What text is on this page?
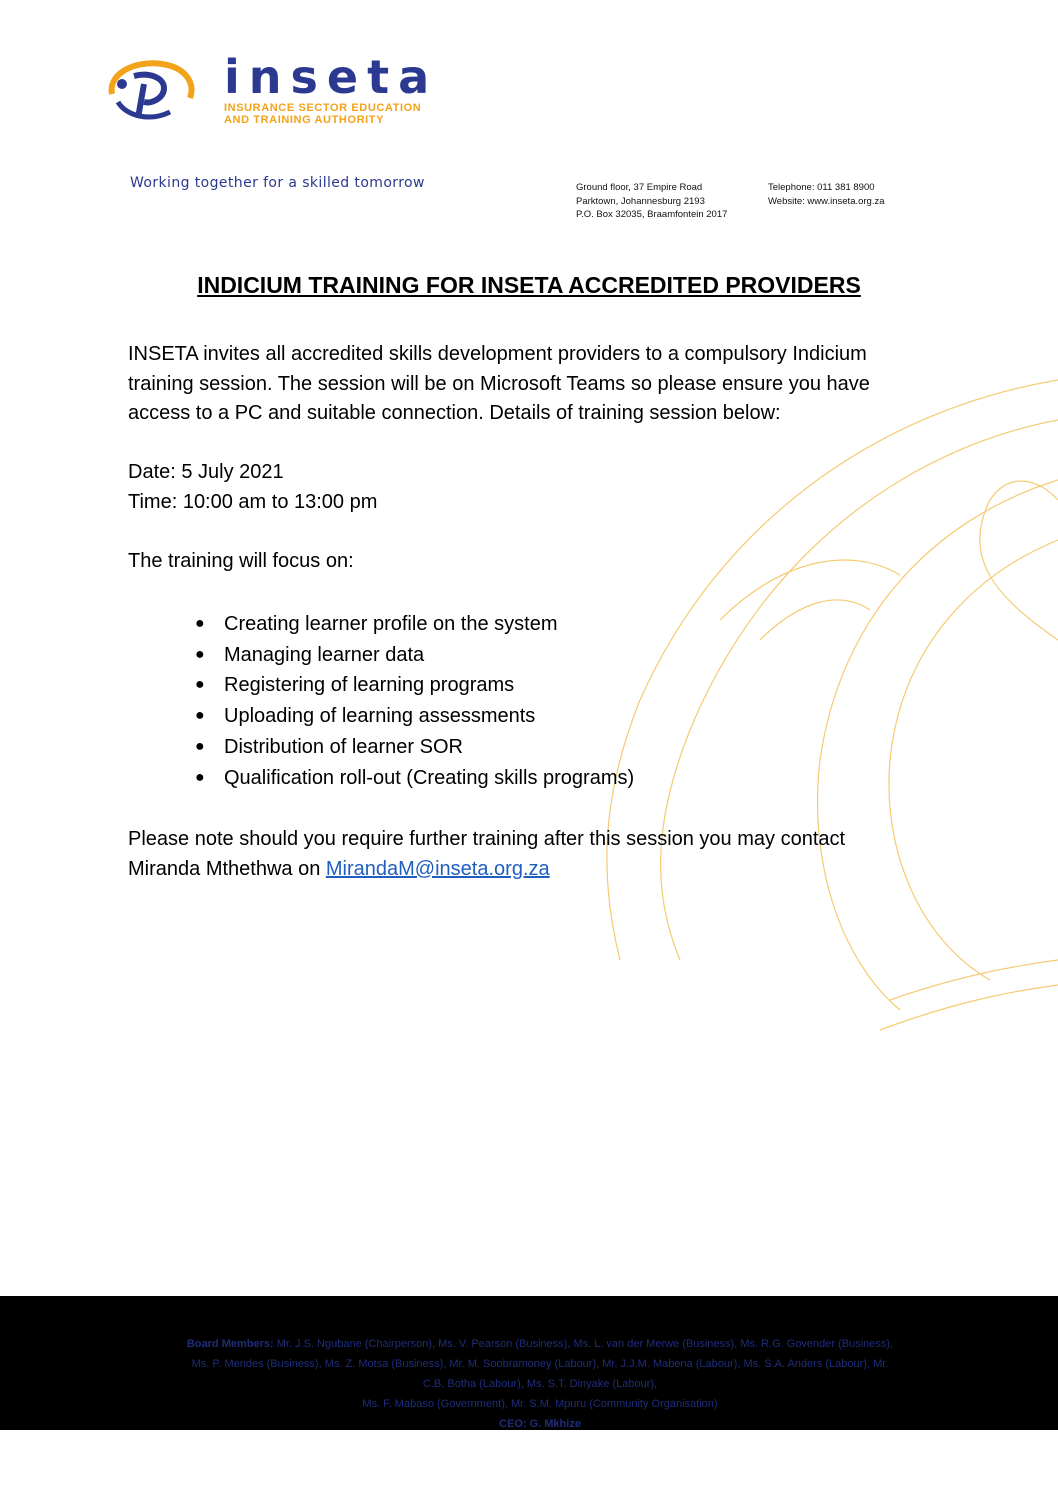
inseta
INSURANCE SECTOR EDUCATION
AND TRAINING AUTHORITY
Working together for a skilled tomorrow	Ground floor, 37 Empire Road
Parktown, Johannesburg 2193
P.O. Box 32035, Braamfontein 2017
Telephone: 011 381 8900
Website: www.inseta.org.za
INDICIUM TRAINING FOR INSETA ACCREDITED PROVIDERS

INSETA invites all accredited skills development providers to a compulsory Indicium training session. The session will be on Microsoft Teams so please ensure you have access to a PC and suitable connection. Details of training session below:

Date: 5 July 2021

Time: 10:00 am to 13:00 pm

The training will focus on:

● Creating learner profile on the system
● Managing learner data
● Registering of learning programs
● Uploading of learning assessments
● Distribution of learner SOR
● Qualification roll-out (Creating skills programs)

Please note should you require further training after this session you may contact

Miranda Mthethwa on MirandaM@inseta.org.za

Board Members: Mr. J.S. Ngubane (Chairperson), Ms. V. Pearson (Business), Ms. L. van der Merwe (Business), Ms. R.G. Govender (Business),
Ms. P. Mendes (Business), Ms. Z. Motsa (Business), Mr. M. Soobramoney (Labour), Mr. J.J.M. Mabena (Labour), Ms. S.A. Anders (Labour), Mr.
C.B. Botha (Labour), Ms. S.T. Dinyake (Labour),
Ms. F. Mabaso (Government), Mr. S.M. Mpuru (Community Organisation)
CEO: G. Mkhize
